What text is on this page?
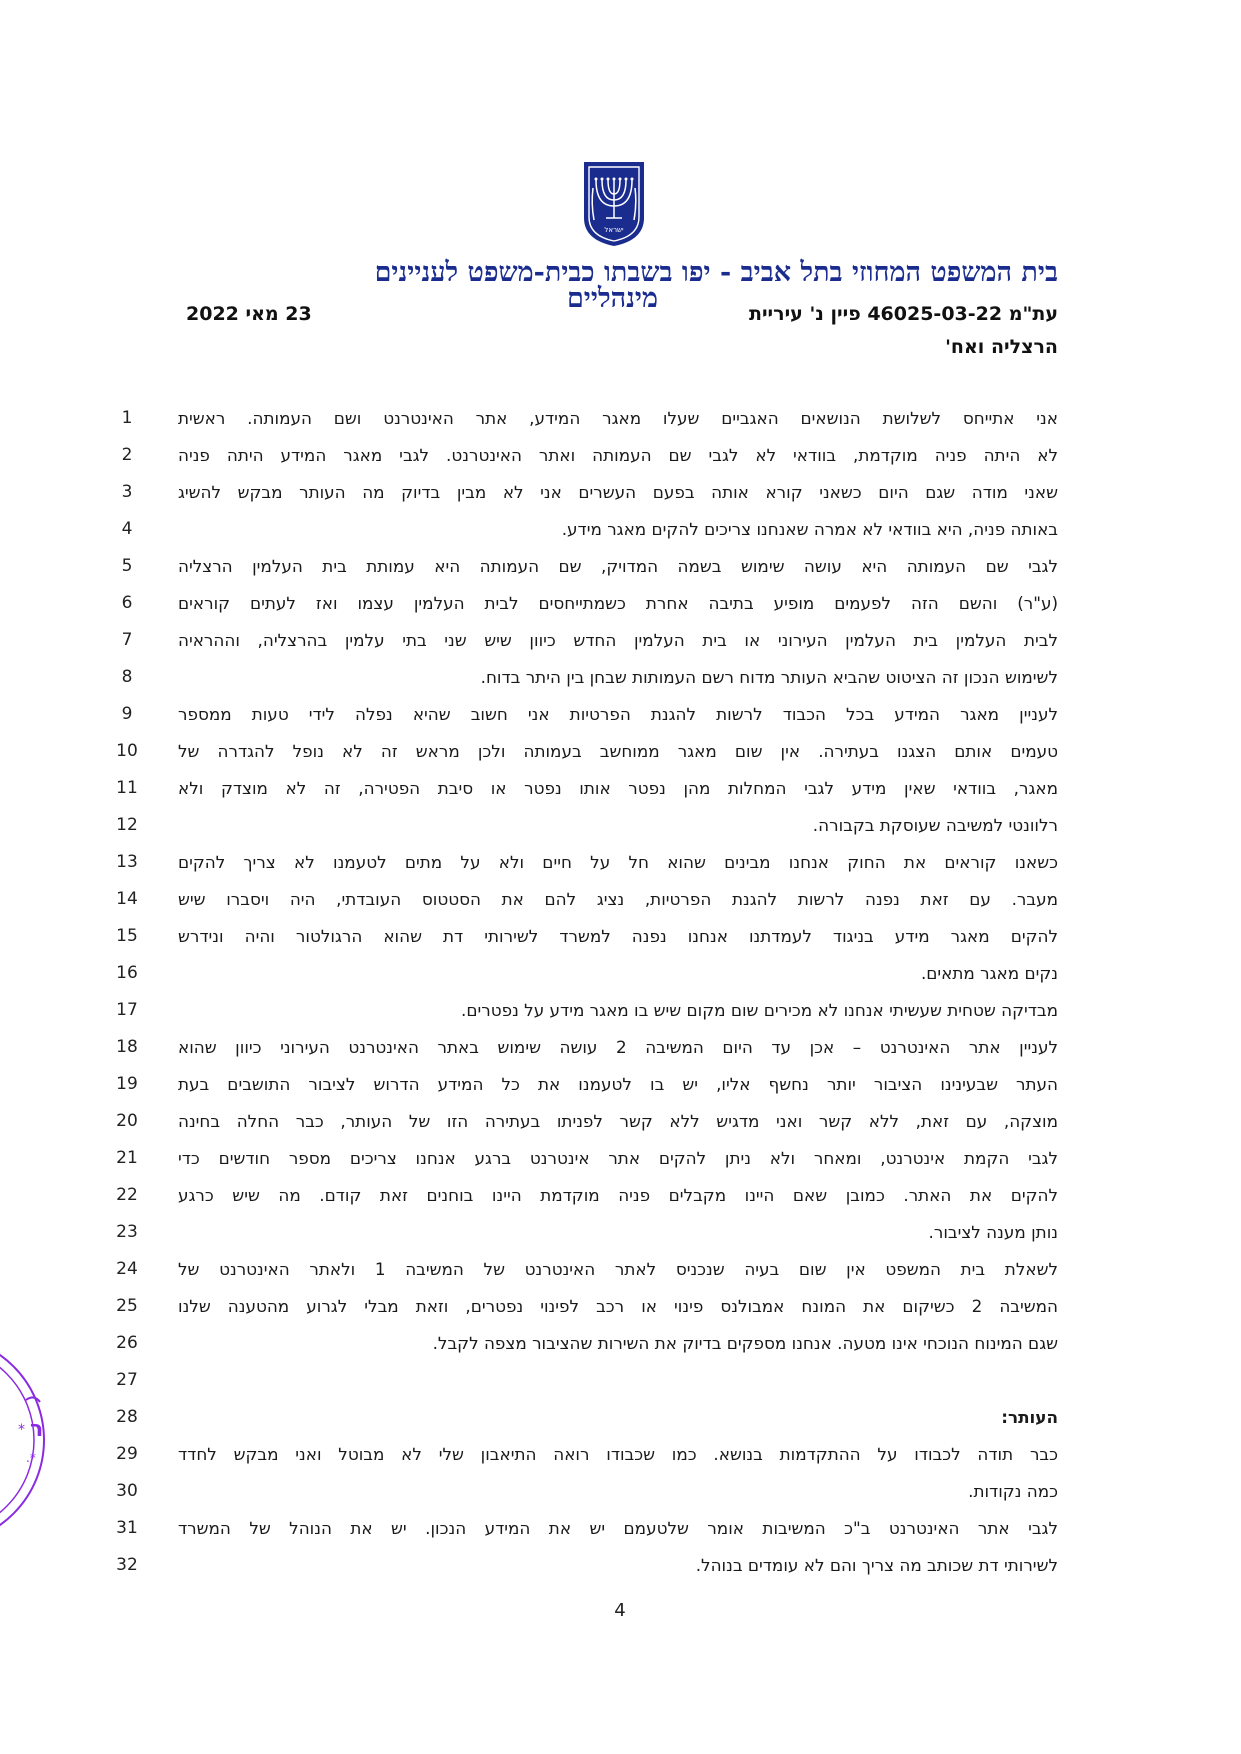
ישראל
בית המשפט המחוזי בתל אביב - יפו בשבתו כבית-משפט לעניינים
מינהליים	עת"מ 46025-03-22 פיין נ' עיריית
הרצליה ואח'
23 מאי 2022
1
2
3
4
5
6
7
8
9
10
11
12
13
14
15
16
17
18
19
20
21
22
23
24
25
26
27
28
29
30
31
32
אני אתייחס לשלושת הנושאים האגביים שעלו מאגר המידע, אתר האינטרנט ושם העמותה. ראשית
לא היתה פניה מוקדמת, בוודאי לא לגבי שם העמותה ואתר האינטרנט. לגבי מאגר המידע היתה פניה
שאני מודה שגם היום כשאני קורא אותה בפעם העשרים אני לא מבין בדיוק מה העותר מבקש להשיג
באותה פניה, היא בוודאי לא אמרה שאנחנו צריכים להקים מאגר מידע.
לגבי שם העמותה היא עושה שימוש בשמה המדויק, שם העמותה היא עמותת בית העלמין הרצליה
(ע"ר) והשם הזה לפעמים מופיע בתיבה אחרת כשמתייחסים לבית העלמין עצמו ואז לעתים קוראים
לבית העלמין בית העלמין העירוני או בית העלמין החדש כיוון שיש שני בתי עלמין בהרצליה, וההראיה
לשימוש הנכון זה הציטוט שהביא העותר מדוח רשם העמותות שבחן בין היתר בדוח.
לעניין מאגר המידע בכל הכבוד לרשות להגנת הפרטיות אני חשוב שהיא נפלה לידי טעות ממספר
טעמים אותם הצגנו בעתירה. אין שום מאגר ממוחשב בעמותה ולכן מראש זה לא נופל להגדרה של
מאגר, בוודאי שאין מידע לגבי המחלות מהן נפטר אותו נפטר או סיבת הפטירה, זה לא מוצדק ולא
רלוונטי למשיבה שעוסקת בקבורה.
כשאנו קוראים את החוק אנחנו מבינים שהוא חל על חיים ולא על מתים לטעמנו לא צריך להקים
מעבר. עם זאת נפנה לרשות להגנת הפרטיות, נציג להם את הסטטוס העובדתי, היה ויסברו שיש
להקים מאגר מידע בניגוד לעמדתנו אנחנו נפנה למשרד לשירותי דת שהוא הרגולטור והיה ונידרש
נקים מאגר מתאים.
מבדיקה שטחית שעשיתי אנחנו לא מכירים שום מקום שיש בו מאגר מידע על נפטרים.
לעניין אתר האינטרנט – אכן עד היום המשיבה 2 עושה שימוש באתר האינטרנט העירוני כיוון שהוא
העתר שבעינינו הציבור יותר נחשף אליו, יש בו לטעמנו את כל המידע הדרוש לציבור התושבים בעת
מוצקה, עם זאת, ללא קשר ואני מדגיש ללא קשר לפניתו בעתירה הזו של העותר, כבר החלה בחינה
לגבי הקמת אינטרנט, ומאחר ולא ניתן להקים אתר אינטרנט ברגע אנחנו צריכים מספר חודשים כדי
להקים את האתר. כמובן שאם היינו מקבלים פניה מוקדמת היינו בוחנים זאת קודם. מה שיש כרגע
נותן מענה לציבור.
לשאלת בית המשפט אין שום בעיה שנכניס לאתר האינטרנט של המשיבה 1 ולאתר האינטרנט של
המשיבה 2 כשיקום את המונח אמבולנס פינוי או רכב לפינוי נפטרים, וזאת מבלי לגרוע מהטענה שלנו
שגם המינוח הנוכחי אינו מטעה. אנחנו מספקים בדיוק את השירות שהציבור מצפה לקבל.
העותר:
כבר תודה לכבודו על ההתקדמות בנושא. כמו שכבודו רואה התיאבון שלי לא מבוטל ואני מבקש לחדד
כמה נקודות.
לגבי אתר האינטרנט ב"כ המשיבות אומר שלטעמם יש את המידע הנכון. יש את הנוהל של המשרד
לשירותי דת שכותב מה צריך והם לא עומדים בנוהל.
4
* ר
.*
